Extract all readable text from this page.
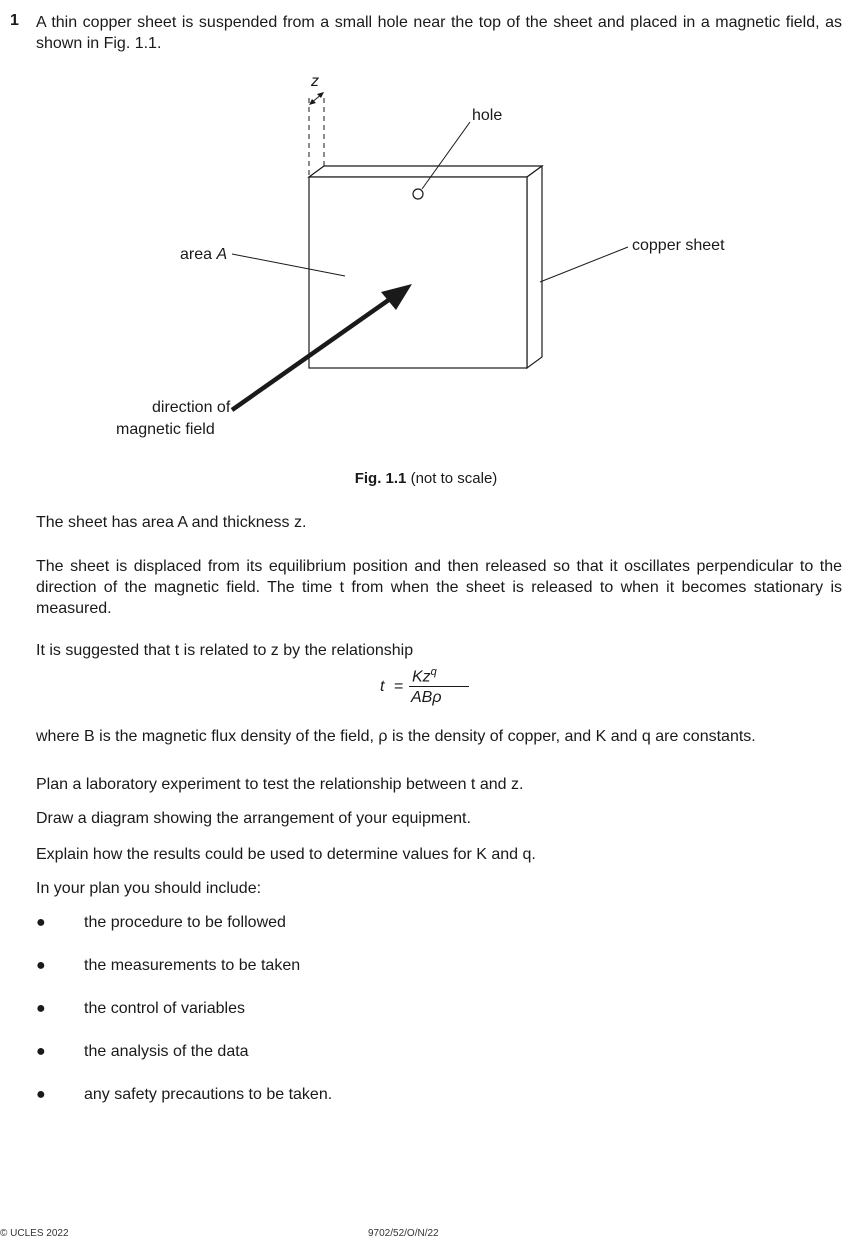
1 A thin copper sheet is suspended from a small hole near the top of the sheet and placed in a magnetic field, as shown in Fig. 1.1.
z
hole
area A
copper sheet
direction of
magnetic field
Fig. 1.1 (not to scale)
The sheet has area A and thickness z.
The sheet is displaced from its equilibrium position and then released so that it oscillates perpendicular to the direction of the magnetic field. The time t from when the sheet is released to when it becomes stationary is measured.
It is suggested that t is related to z by the relationship
t =
$Kz^q$
ABρ
where B is the magnetic flux density of the field, ρ is the density of copper, and K and q are constants.
Plan a laboratory experiment to test the relationship between t and z.
Draw a diagram showing the arrangement of your equipment.
Explain how the results could be used to determine values for K and q.
In your plan you should include:
● the procedure to be followed
● the measurements to be taken
● the control of variables
● the analysis of the data
● any safety precautions to be taken.
© UCLES 2022	9702/52/O/N/22
